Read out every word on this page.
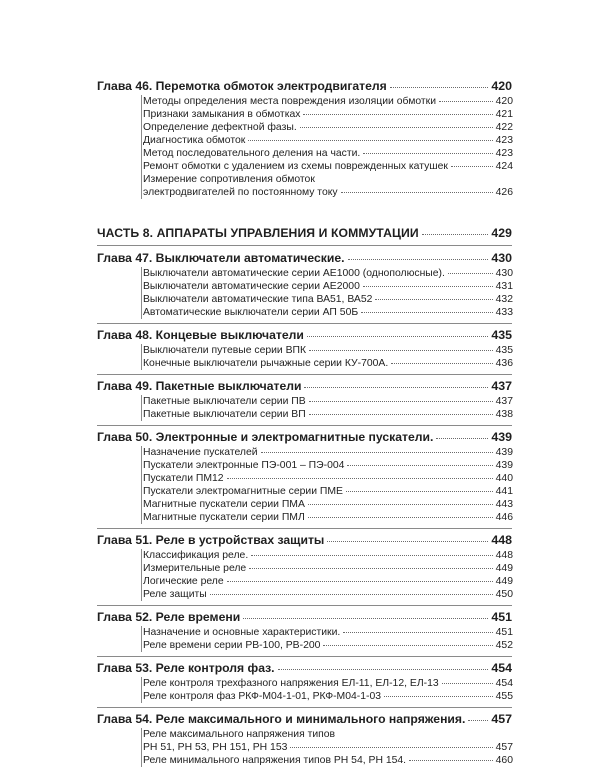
Глава 46. Перемотка обмоток электродвигателя	420
Методы определения места повреждения изоляции обмотки	420
Признаки замыкания в обмотках	421
Определение дефектной фазы.	422
Диагностика обмоток	423
Метод последовательного деления на части.	423
Ремонт обмотки с удалением из схемы поврежденных катушек	424
Измерение сопротивления обмоток
электродвигателей по постоянному току	426
ЧАСТЬ 8. АППАРАТЫ УПРАВЛЕНИЯ И КОММУТАЦИИ	429
Глава 47. Выключатели автоматические.	430
Выключатели автоматические серии АЕ1000 (однополюсные).	430
Выключатели автоматические серии АЕ2000	431
Выключатели автоматические типа ВА51, ВА52	432
Автоматические выключатели серии АП 50Б	433
Глава 48. Концевые выключатели	435
Выключатели путевые серии ВПК	435
Конечные выключатели рычажные серии КУ-700А.	436
Глава 49. Пакетные выключатели	437
Пакетные выключатели серии ПВ	437
Пакетные выключатели серии ВП	438
Глава 50. Электронные и электромагнитные пускатели.	439
Назначение пускателей	439
Пускатели электронные ПЭ-001 – ПЭ-004	439
Пускатели ПМ12	440
Пускатели электромагнитные серии ПМЕ	441
Магнитные пускатели серии ПМА	443
Магнитные пускатели серии ПМЛ	446
Глава 51. Реле в устройствах защиты	448
Классификация реле.	448
Измерительные реле	449
Логические реле	449
Реле защиты	450
Глава 52. Реле времени	451
Назначение и основные характеристики.	451
Реле времени серии РВ-100, РВ-200	452
Глава 53. Реле контроля фаз.	454
Реле контроля трехфазного напряжения ЕЛ-11, ЕЛ-12, ЕЛ-13	454
Реле контроля фаз РКФ-М04-1-01, РКФ-М04-1-03	455
Глава 54. Реле максимального и минимального напряжения. 457
Реле максимального напряжения типов
РН 51, РН 53, РН 151, РН 153	457
Реле минимального напряжения типов РН 54, РН 154.	460
